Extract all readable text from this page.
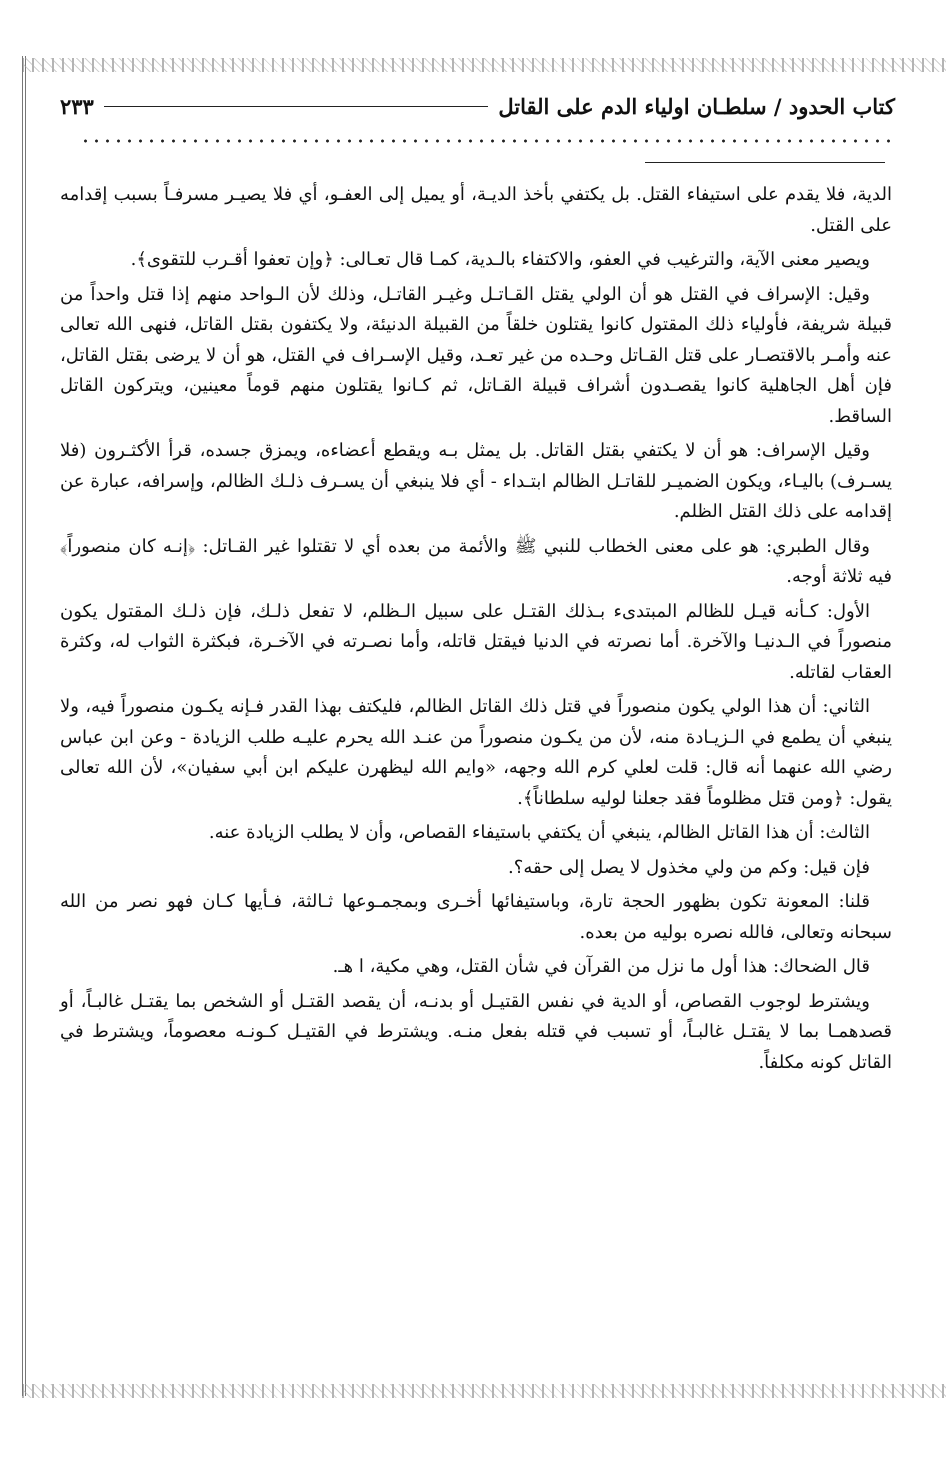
كتاب الحدود / سلطـان اولياء الدم على القاتل
٢٣٣

الدية، فلا يقدم على استيفاء القتل. بل يكتفي بأخذ الديـة، أو يميل إلى العفـو، أي فلا يصيـر مسرفـاً بسبب إقدامه على القتل.

ويصير معنى الآية، والترغيب في العفو، والاكتفاء بالـدية، كمـا قال تعـالى: ﴿وإن تعفوا أقـرب للتقوى﴾.

وقيل: الإسراف في القتل هو أن الولي يقتل القـاتـل وغيـر القاتـل، وذلك لأن الـواحد منهم إذا قتل واحداً من قبيلة شريفة، فأولياء ذلك المقتول كانوا يقتلون خلقاً من القبيلة الدنيئة، ولا يكتفون بقتل القاتل، فنهى الله تعالى عنه وأمـر بالاقتصـار على قتل القـاتل وحـده من غير تعـد، وقيل الإسـراف في القتل، هو أن لا يرضى بقتل القاتل، فإن أهل الجاهلية كانوا يقصـدون أشراف قبيلة القـاتل، ثم كـانوا يقتلون منهم قوماً معينين، ويتركون القاتل الساقط.

وقيل الإسراف: هو أن لا يكتفي بقتل القاتل. بل يمثل بـه ويقطع أعضاءه، ويمزق جسده، قرأ الأكثـرون (فلا يسـرف) باليـاء، ويكون الضميـر للقاتـل الظالم ابتـداء - أي فلا ينبغي أن يسـرف ذلـك الظالم، وإسرافه، عبارة عن إقدامه على ذلك القتل الظلم.

وقال الطبري: هو على معنى الخطاب للنبي ﷺ والأئمة من بعده أي لا تقتلوا غير القـاتل: ﴿إنـه كان منصوراً﴾ فيه ثلاثة أوجه.

الأول: كـأنه قيـل للظالم المبتدىء بـذلك القتـل على سبيل الـظلم، لا تفعل ذلـك، فإن ذلـك المقتول يكون منصوراً في الـدنيـا والآخرة. أما نصرته في الدنيا فيقتل قاتله، وأما نصـرته في الآخـرة، فبكثرة الثواب له، وكثرة العقاب لقاتله.

الثاني: أن هذا الولي يكون منصوراً في قتل ذلك القاتل الظالم، فليكتف بهذا القدر فـإنه يكـون منصوراً فيه، ولا ينبغي أن يطمع في الـزيـادة منه، لأن من يكـون منصوراً من عنـد الله يحرم عليـه طلب الزيادة - وعن ابن عباس رضي الله عنهما أنه قال: قلت لعلي كرم الله وجهه، «وايم الله ليظهرن عليكم ابن أبي سفيان»، لأن الله تعالى يقول: ﴿ومن قتل مظلوماً فقد جعلنا لوليه سلطاناً﴾.

الثالث: أن هذا القاتل الظالم، ينبغي أن يكتفي باستيفاء القصاص، وأن لا يطلب الزيادة عنه.

فإن قيل: وكم من ولي مخذول لا يصل إلى حقه؟.

قلنا: المعونة تكون بظهور الحجة تارة، وباستيفائها أخـرى وبمجمـوعها ثـالثة، فـأيها كـان فهو نصر من الله سبحانه وتعالى، فالله نصره بوليه من بعده.

قال الضحاك: هذا أول ما نزل من القرآن في شأن القتل، وهي مكية، ا هـ.

ويشترط لوجوب القصاص، أو الدية في نفس القتيـل أو بدنـه، أن يقصد القتـل أو الشخص بما يقتـل غالبـاً، أو قصدهمـا بما لا يقتـل غالبـاً، أو تسبب في قتله بفعل منـه. ويشترط في القتيـل كـونـه معصوماً، ويشترط في القاتل كونه مكلفاً.
